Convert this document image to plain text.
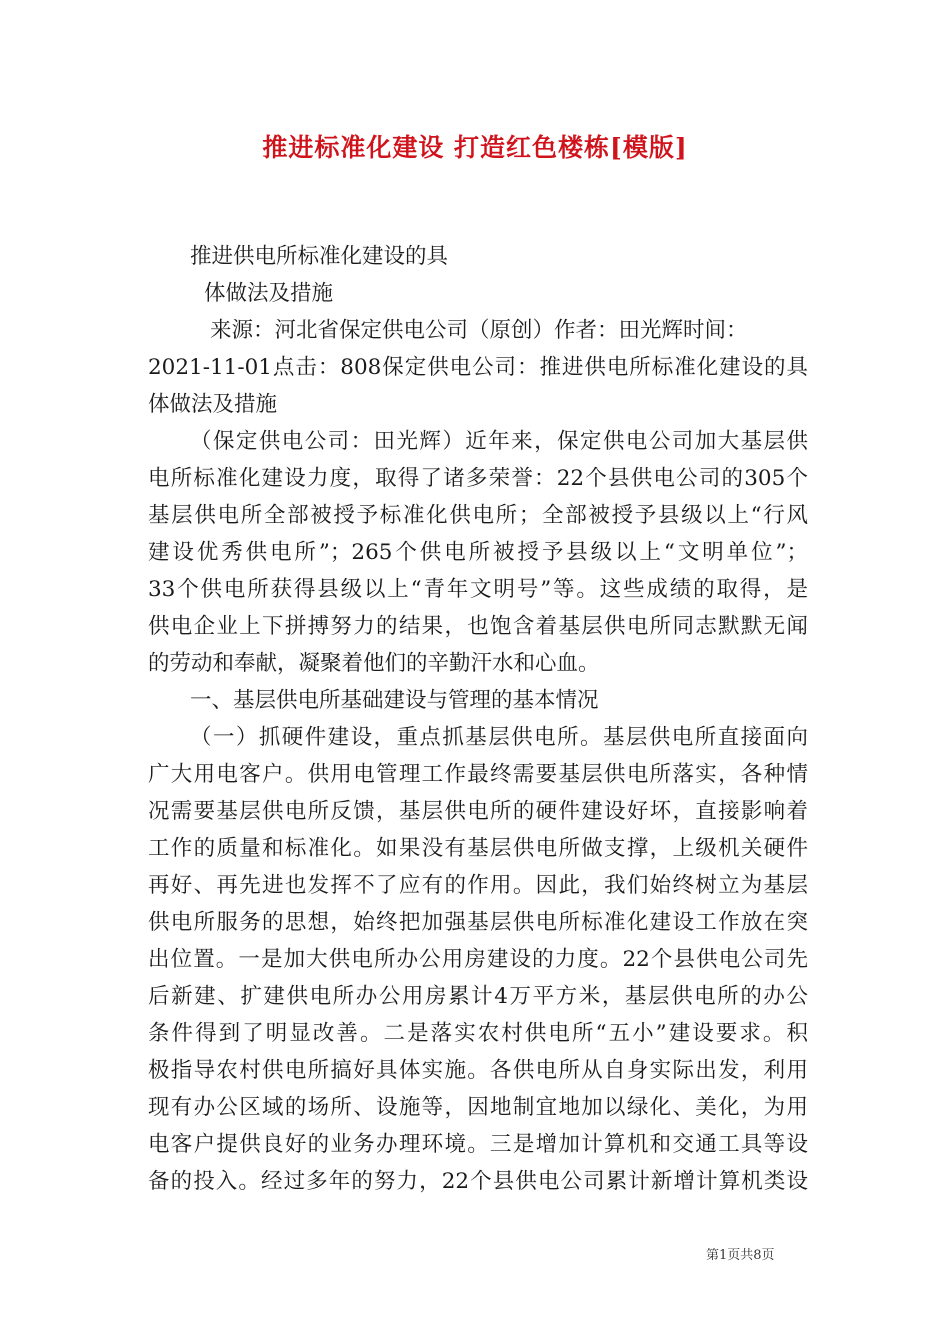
推进标准化建设 打造红色楼栋[模版]

推进供电所标准化建设的具

体做法及措施

来源：河北省保定供电公司（原创）作者：田光辉时间：

2021-11-01点击：808保定供电公司：推进供电所标准化建设的具

体做法及措施

（保定供电公司：田光辉）近年来，保定供电公司加大基层供

电所标准化建设力度，取得了诸多荣誉：22个县供电公司的305个

基层供电所全部被授予标准化供电所；全部被授予县级以上“行风

建设优秀供电所”；265个供电所被授予县级以上“文明单位”；

33个供电所获得县级以上“青年文明号”等。这些成绩的取得，是

供电企业上下拼搏努力的结果，也饱含着基层供电所同志默默无闻

的劳动和奉献，凝聚着他们的辛勤汗水和心血。

一、基层供电所基础建设与管理的基本情况

（一）抓硬件建设，重点抓基层供电所。基层供电所直接面向

广大用电客户。供用电管理工作最终需要基层供电所落实，各种情

况需要基层供电所反馈，基层供电所的硬件建设好坏，直接影响着

工作的质量和标准化。如果没有基层供电所做支撑，上级机关硬件

再好、再先进也发挥不了应有的作用。因此，我们始终树立为基层

供电所服务的思想，始终把加强基层供电所标准化建设工作放在突

出位置。一是加大供电所办公用房建设的力度。22个县供电公司先

后新建、扩建供电所办公用房累计4万平方米，基层供电所的办公

条件得到了明显改善。二是落实农村供电所“五小”建设要求。积

极指导农村供电所搞好具体实施。各供电所从自身实际出发，利用

现有办公区域的场所、设施等，因地制宜地加以绿化、美化，为用

电客户提供良好的业务办理环境。三是增加计算机和交通工具等设

备的投入。经过多年的努力，22个县供电公司累计新增计算机类设

第1页共8页
